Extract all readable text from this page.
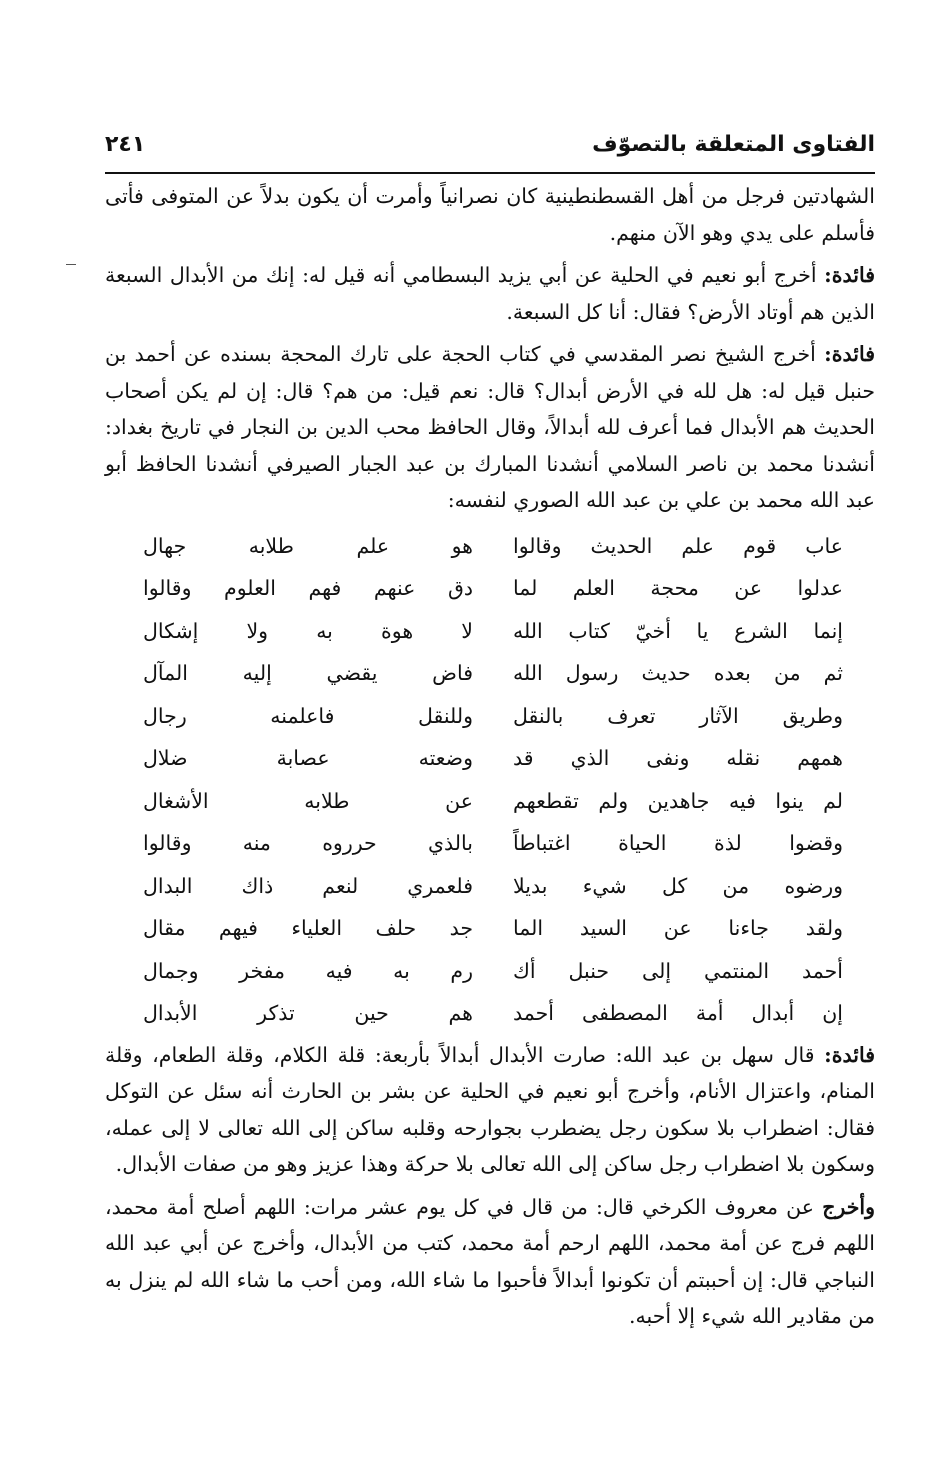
الفتاوى المتعلقة بالتصوّف
٢٤١

الشهادتين فرجل من أهل القسطنطينية كان نصرانياً وأمرت أن يكون بدلاً عن المتوفى فأتى فأسلم على يدي وهو الآن منهم.

فائدة: أخرج أبو نعيم في الحلية عن أبي يزيد البسطامي أنه قيل له: إنك من الأبدال السبعة الذين هم أوتاد الأرض؟ فقال: أنا كل السبعة.

فائدة: أخرج الشيخ نصر المقدسي في كتاب الحجة على تارك المحجة بسنده عن أحمد بن حنبل قيل له: هل لله في الأرض أبدال؟ قال: نعم قيل: من هم؟ قال: إن لم يكن أصحاب الحديث هم الأبدال فما أعرف لله أبدالاً، وقال الحافظ محب الدين بن النجار في تاريخ بغداد: أنشدنا محمد بن ناصر السلامي أنشدنا المبارك بن عبد الجبار الصيرفي أنشدنا الحافظ أبو عبد الله محمد بن علي بن عبد الله الصوري لنفسه:

عاب قوم علم الحديث وقالوا
هو علم طلابه جهال
عدلوا عن محجة العلم لما
دق عنهم فهم العلوم وقالوا
إنما الشرع يا أخيّ كتاب الله
لا هوة به ولا إشكال
ثم من بعده حديث رسول الله
فاض يقضي إليه المآل
وطريق الآثار تعرف بالنقل
وللنقل فاعلمنه رجال
همهم نقله ونفى الذي قد
وضعته عصابة ضلال
لم ينوا فيه جاهدين ولم تقطعهم
عن طلابه الأشغال
وقضوا لذة الحياة اغتباطاً
بالذي حرروه منه وقالوا
ورضوه من كل شيء بديلا
فلعمري لنعم ذاك البدال
ولقد جاءنا عن السيد الما
جد حلف العلياء فيهم مقال
أحمد المنتمي إلى حنبل أك
رم به فيه مفخر وجمال
إن أبدال أمة المصطفى أحمد
هم حين تذكر الأبدال

فائدة: قال سهل بن عبد الله: صارت الأبدال أبدالاً بأربعة: قلة الكلام، وقلة الطعام، وقلة المنام، واعتزال الأنام، وأخرج أبو نعيم في الحلية عن بشر بن الحارث أنه سئل عن التوكل فقال: اضطراب بلا سكون رجل يضطرب بجوارحه وقلبه ساكن إلى الله تعالى لا إلى عمله، وسكون بلا اضطراب رجل ساكن إلى الله تعالى بلا حركة وهذا عزيز وهو من صفات الأبدال.

وأخرج عن معروف الكرخي قال: من قال في كل يوم عشر مرات: اللهم أصلح أمة محمد، اللهم فرج عن أمة محمد، اللهم ارحم أمة محمد، كتب من الأبدال، وأخرج عن أبي عبد الله النباجي قال: إن أحببتم أن تكونوا أبدالاً فأحبوا ما شاء الله، ومن أحب ما شاء الله لم ينزل به من مقادير الله شيء إلا أحبه.
